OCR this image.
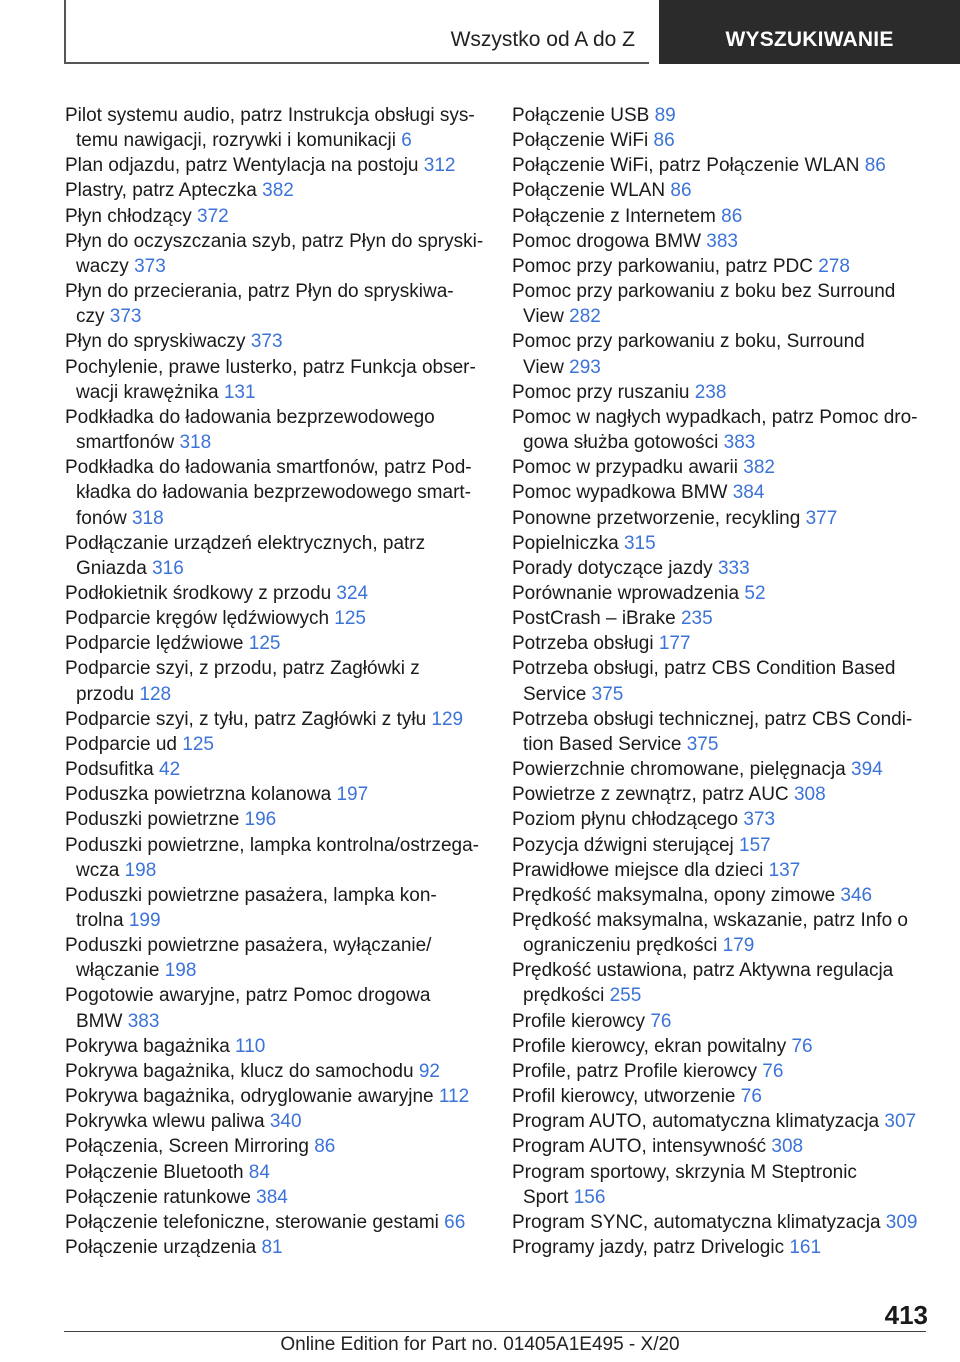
Wszystko od A do Z	WYSZUKIWANIE
Pilot systemu audio, patrz Instrukcja obsługi sys-
temu nawigacji, rozrywki i komunikacji 6
Plan odjazdu, patrz Wentylacja na postoju 312
Plastry, patrz Apteczka 382
Płyn chłodzący 372
Płyn do oczyszczania szyb, patrz Płyn do spryski-
waczy 373
Płyn do przecierania, patrz Płyn do spryskiwa-
czy 373
Płyn do spryskiwaczy 373
Pochylenie, prawe lusterko, patrz Funkcja obser-
wacji krawężnika 131
Podkładka do ładowania bezprzewodowego
smartfonów 318
Podkładka do ładowania smartfonów, patrz Pod-
kładka do ładowania bezprzewodowego smart-
fonów 318
Podłączanie urządzeń elektrycznych, patrz
Gniazda 316
Podłokietnik środkowy z przodu 324
Podparcie kręgów lędźwiowych 125
Podparcie lędźwiowe 125
Podparcie szyi, z przodu, patrz Zagłówki z
przodu 128
Podparcie szyi, z tyłu, patrz Zagłówki z tyłu 129
Podparcie ud 125
Podsufitka 42
Poduszka powietrzna kolanowa 197
Poduszki powietrzne 196
Poduszki powietrzne, lampka kontrolna/ostrzega-
wcza 198
Poduszki powietrzne pasażera, lampka kon-
trolna 199
Poduszki powietrzne pasażera, wyłączanie/
włączanie 198
Pogotowie awaryjne, patrz Pomoc drogowa
BMW 383
Pokrywa bagażnika 110
Pokrywa bagażnika, klucz do samochodu 92
Pokrywa bagażnika, odryglowanie awaryjne 112
Pokrywka wlewu paliwa 340
Połączenia, Screen Mirroring 86
Połączenie Bluetooth 84
Połączenie ratunkowe 384
Połączenie telefoniczne, sterowanie gestami 66
Połączenie urządzenia 81
Połączenie USB 89
Połączenie WiFi 86
Połączenie WiFi, patrz Połączenie WLAN 86
Połączenie WLAN 86
Połączenie z Internetem 86
Pomoc drogowa BMW 383
Pomoc przy parkowaniu, patrz PDC 278
Pomoc przy parkowaniu z boku bez Surround
View 282
Pomoc przy parkowaniu z boku, Surround
View 293
Pomoc przy ruszaniu 238
Pomoc w nagłych wypadkach, patrz Pomoc dro-
gowa służba gotowości 383
Pomoc w przypadku awarii 382
Pomoc wypadkowa BMW 384
Ponowne przetworzenie, recykling 377
Popielniczka 315
Porady dotyczące jazdy 333
Porównanie wprowadzenia 52
PostCrash – iBrake 235
Potrzeba obsługi 177
Potrzeba obsługi, patrz CBS Condition Based
Service 375
Potrzeba obsługi technicznej, patrz CBS Condi-
tion Based Service 375
Powierzchnie chromowane, pielęgnacja 394
Powietrze z zewnątrz, patrz AUC 308
Poziom płynu chłodzącego 373
Pozycja dźwigni sterującej 157
Prawidłowe miejsce dla dzieci 137
Prędkość maksymalna, opony zimowe 346
Prędkość maksymalna, wskazanie, patrz Info o
ograniczeniu prędkości 179
Prędkość ustawiona, patrz Aktywna regulacja
prędkości 255
Profile kierowcy 76
Profile kierowcy, ekran powitalny 76
Profile, patrz Profile kierowcy 76
Profil kierowcy, utworzenie 76
Program AUTO, automatyczna klimatyzacja 307
Program AUTO, intensywność 308
Program sportowy, skrzynia M Steptronic
Sport 156
Program SYNC, automatyczna klimatyzacja 309
Programy jazdy, patrz Drivelogic 161
413
Online Edition for Part no. 01405A1E495 - X/20
